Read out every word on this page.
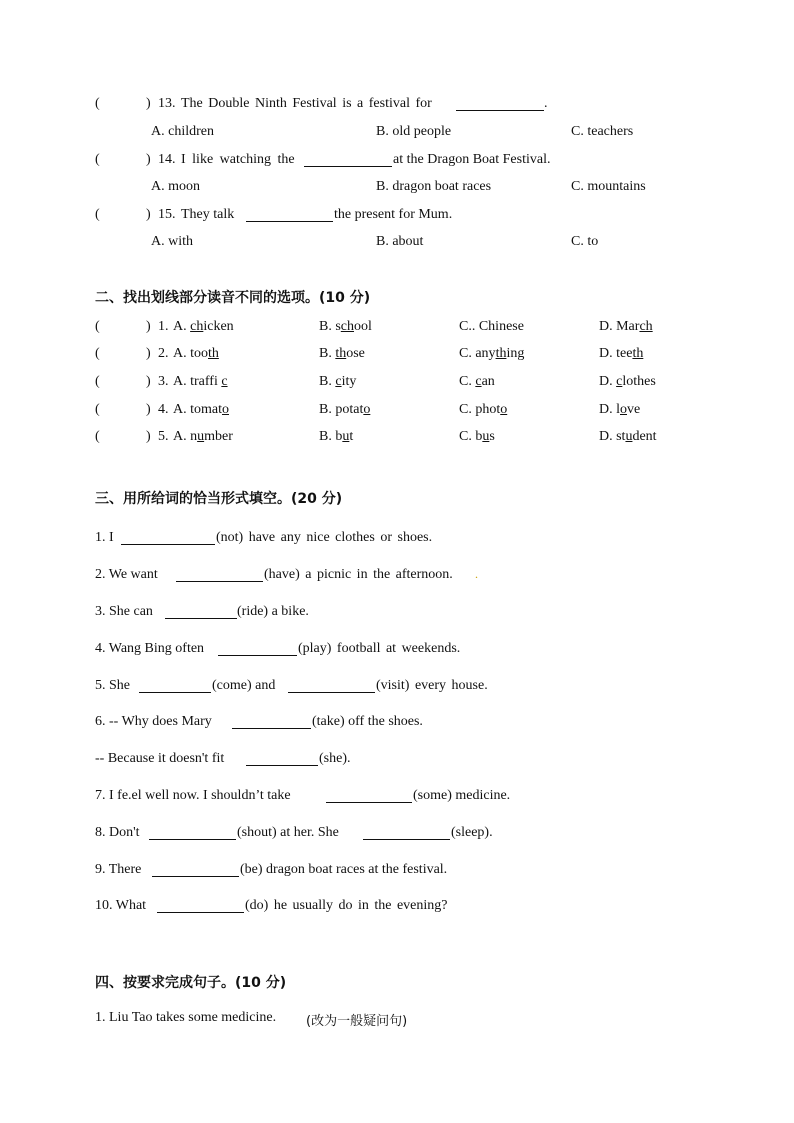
(	) 13. The Double Ninth Festival is a festival for	.
A. children	B. old people	C. teachers
(	) 14. I like watching the	at the Dragon Boat Festival.
A. moon	B. dragon boat races	C. mountains
(	) 15. They talk	the present for Mum.
A. with	B. about	C. to
二、找出划线部分读音不同的选项。(10 分)
(	) 1. A. chicken	B. school	C.. Chinese	D. March
(	) 2. A. tooth	B. those	C. anything	D. teeth
(	) 3. A. traffi c	B. city	C. can	D. clothes
(	) 4. A. tomato	B. potato	C. photo	D. love
(	) 5. A. number	B. but	C. bus	D. student
三、用所给词的恰当形式填空。(20 分)
1. I	(not) have any nice clothes or shoes.
2. We want	(have) a picnic in the afternoon. .
3. She can	(ride) a bike.
4. Wang Bing often	(play) football at weekends.
5. She	(come) and	(visit) every house.
6. -- Why does Mary	(take) off the shoes.
-- Because it doesn't fit	(she).
7. I fe.el well now. I shouldn’t take	(some) medicine.
8. Don't	(shout) at her. She	(sleep).
9. There	(be) dragon boat races at the festival.
10. What	(do) he usually do in the evening?
四、按要求完成句子。(10 分)
1. Liu Tao takes some medicine. (改为一般疑问句)
